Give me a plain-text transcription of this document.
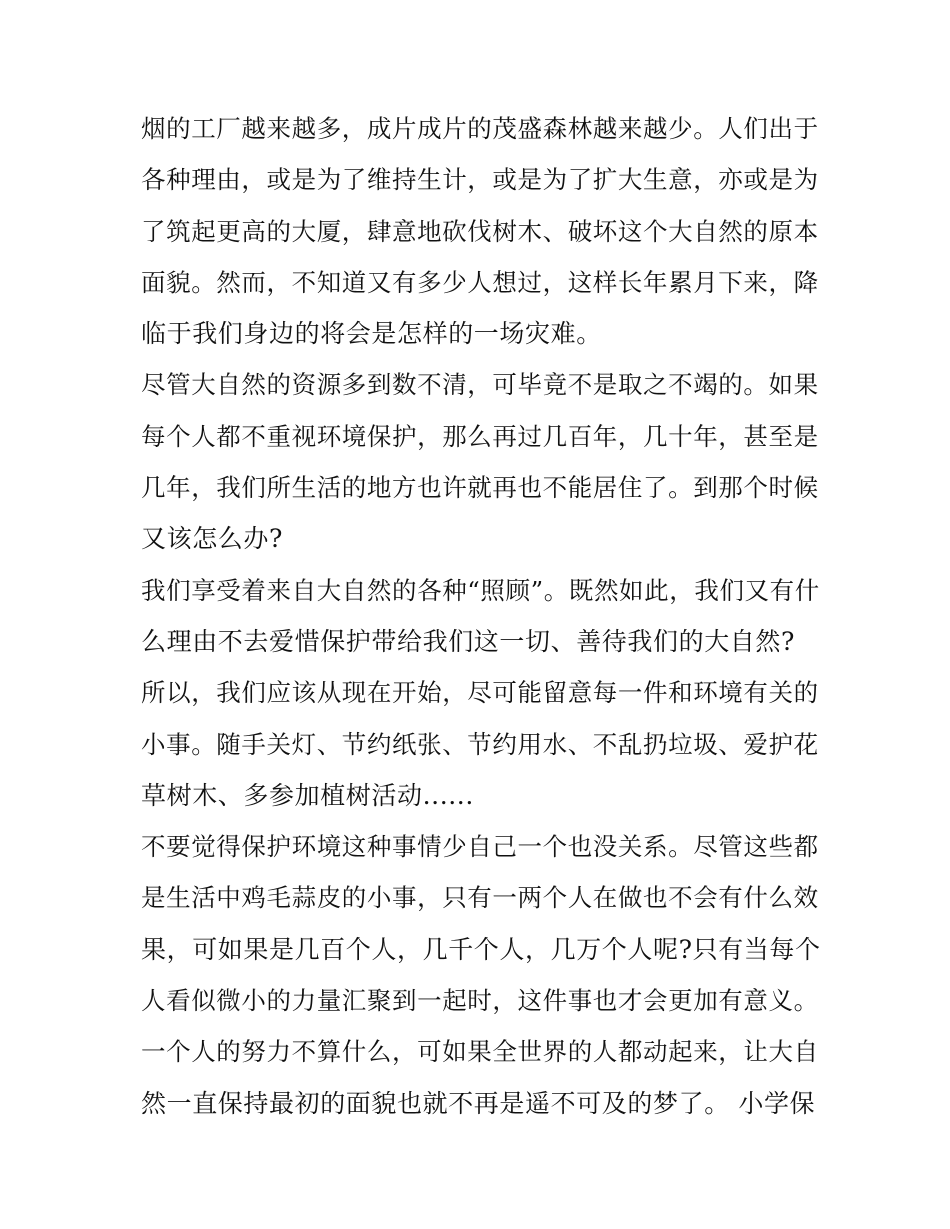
烟的工厂越来越多，成片成片的茂盛森林越来越少。人们出于
各种理由，或是为了维持生计，或是为了扩大生意，亦或是为
了筑起更高的大厦，肆意地砍伐树木、破坏这个大自然的原本
面貌。然而，不知道又有多少人想过，这样长年累月下来，降
临于我们身边的将会是怎样的一场灾难。
尽管大自然的资源多到数不清，可毕竟不是取之不竭的。如果
每个人都不重视环境保护，那么再过几百年，几十年，甚至是
几年，我们所生活的地方也许就再也不能居住了。到那个时候
又该怎么办?
我们享受着来自大自然的各种“照顾”。既然如此，我们又有什
么理由不去爱惜保护带给我们这一切、善待我们的大自然?
所以，我们应该从现在开始，尽可能留意每一件和环境有关的
小事。随手关灯、节约纸张、节约用水、不乱扔垃圾、爱护花
草树木、多参加植树活动......
不要觉得保护环境这种事情少自己一个也没关系。尽管这些都
是生活中鸡毛蒜皮的小事，只有一两个人在做也不会有什么效
果，可如果是几百个人，几千个人，几万个人呢?只有当每个
人看似微小的力量汇聚到一起时，这件事也才会更加有意义。
一个人的努力不算什么，可如果全世界的人都动起来，让大自
然一直保持最初的面貌也就不再是遥不可及的梦了。 小学保
